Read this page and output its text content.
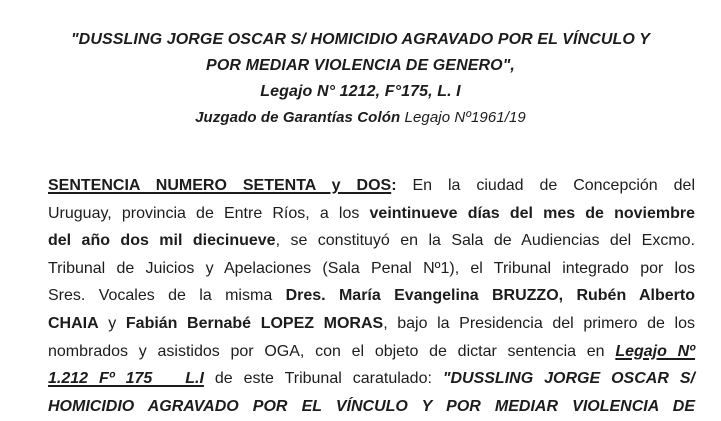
"DUSSLING JORGE OSCAR S/ HOMICIDIO AGRAVADO POR EL VÍNCULO Y
POR MEDIAR VIOLENCIA DE GENERO",
Legajo N° 1212, F°175, L. I
Juzgado de Garantías Colón Legajo Nº1961/19
SENTENCIA NUMERO SETENTA y DOS: En la ciudad de Concepción del
Uruguay, provincia de Entre Ríos, a los veintinueve días del mes de noviembre
del año dos mil diecinueve, se constituyó en la Sala de Audiencias del Excmo.
Tribunal de Juicios y Apelaciones (Sala Penal Nº1), el Tribunal integrado por los
Sres. Vocales de la misma Dres. María Evangelina BRUZZO, Rubén Alberto
CHAIA y Fabián Bernabé LOPEZ MORAS, bajo la Presidencia del primero de los
nombrados y asistidos por OGA, con el objeto de dictar sentencia en Legajo Nº
1.212 Fº 175   L.I de este Tribunal caratulado: "DUSSLING JORGE OSCAR S/
HOMICIDIO AGRAVADO POR EL VÍNCULO Y POR MEDIAR VIOLENCIA DE
